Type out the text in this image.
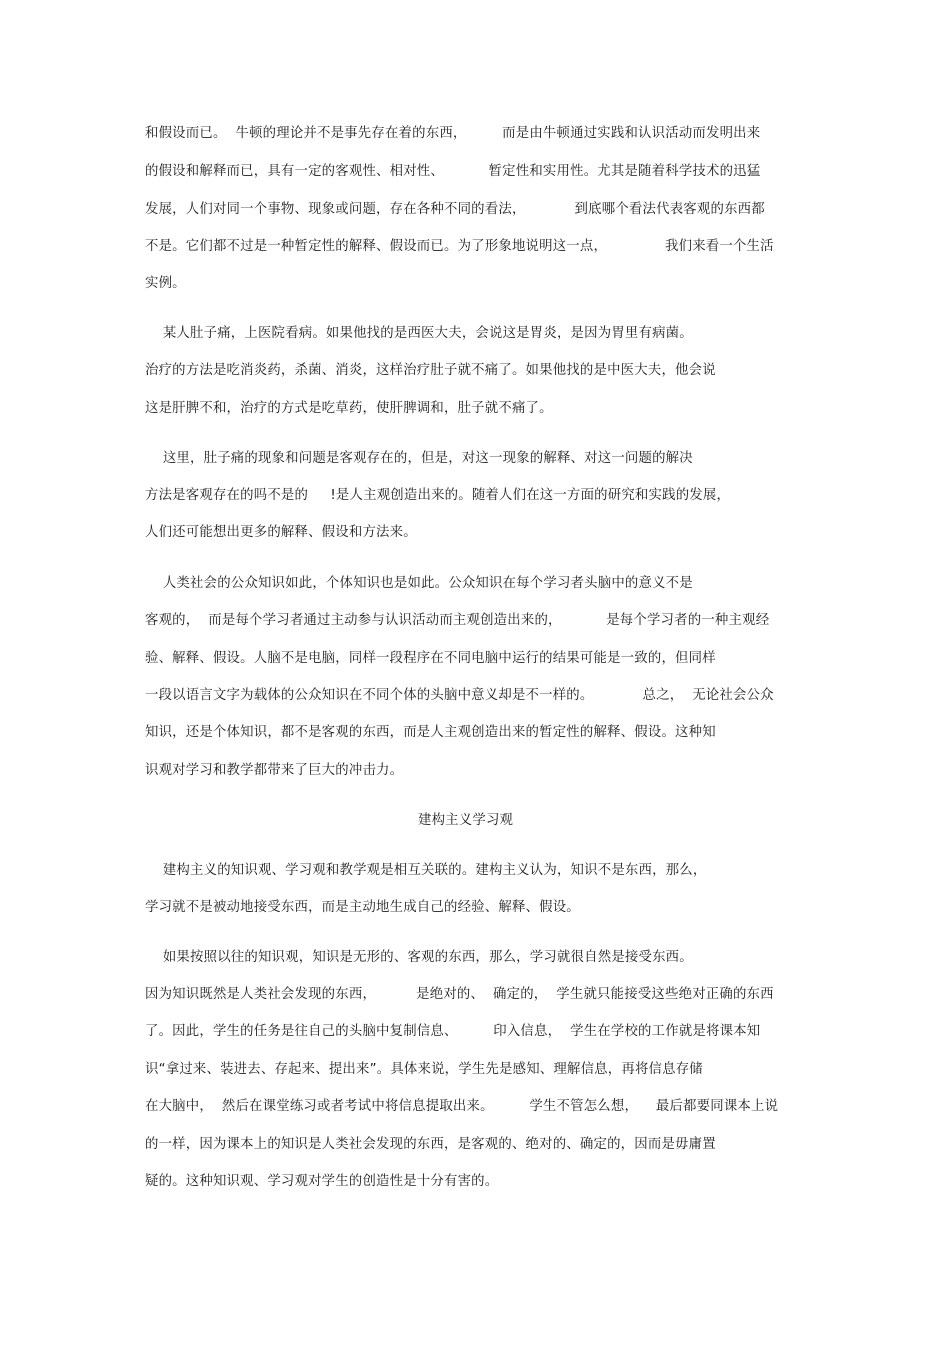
和假设而已。  牛顿的理论并不是事先存在着的东西，        而是由牛顿通过实践和认识活动而发明出来
的假设和解释而已，具有一定的客观性、相对性、          暂定性和实用性。尤其是随着科学技术的迅猛
发展，人们对同一个事物、现象或问题，存在各种不同的看法，           到底哪个看法代表客观的东西都
不是。它们都不过是一种暂定性的解释、假设而已。为了形象地说明这一点，             我们来看一个生活
实例。
某人肚子痛，上医院看病。如果他找的是西医大夫，会说这是胃炎，是因为胃里有病菌。
治疗的方法是吃消炎药，杀菌、消炎，这样治疗肚子就不痛了。如果他找的是中医大夫，他会说
这是肝脾不和，治疗的方式是吃草药，使肝脾调和，肚子就不痛了。
这里，肚子痛的现象和问题是客观存在的，但是，对这一现象的解释、对这一问题的解决
方法是客观存在的吗不是的     !是人主观创造出来的。随着人们在这一方面的研究和实践的发展，
人们还可能想出更多的解释、假设和方法来。
人类社会的公众知识如此，个体知识也是如此。公众知识在每个学习者头脑中的意义不是
客观的，  而是每个学习者通过主动参与认识活动而主观创造出来的，          是每个学习者的一种主观经
验、解释、假设。人脑不是电脑，同样一段程序在不同电脑中运行的结果可能是一致的，但同样
一段以语言文字为载体的公众知识在不同个体的头脑中意义却是不一样的。           总之，  无论社会公众
知识，还是个体知识，都不是客观的东西，而是人主观创造出来的暂定性的解释、假设。这种知
识观对学习和教学都带来了巨大的冲击力。
建构主义学习观
建构主义的知识观、学习观和教学观是相互关联的。建构主义认为，知识不是东西，那么，
学习就不是被动地接受东西，而是主动地生成自己的经验、解释、假设。
如果按照以往的知识观，知识是无形的、客观的东西，那么，学习就很自然是接受东西。
因为知识既然是人类社会发现的东西，         是绝对的、  确定的，  学生就只能接受这些绝对正确的东西
了。因此，学生的任务是往自己的头脑中复制信息、        印入信息，  学生在学校的工作就是将课本知
识“拿过来、装进去、存起来、提出来”。具体来说，学生先是感知、理解信息，再将信息存储
在大脑中，  然后在课堂练习或者考试中将信息提取出来。        学生不管怎么想，    最后都要同课本上说
的一样，因为课本上的知识是人类社会发现的东西，是客观的、绝对的、确定的，因而是毋庸置
疑的。这种知识观、学习观对学生的创造性是十分有害的。
